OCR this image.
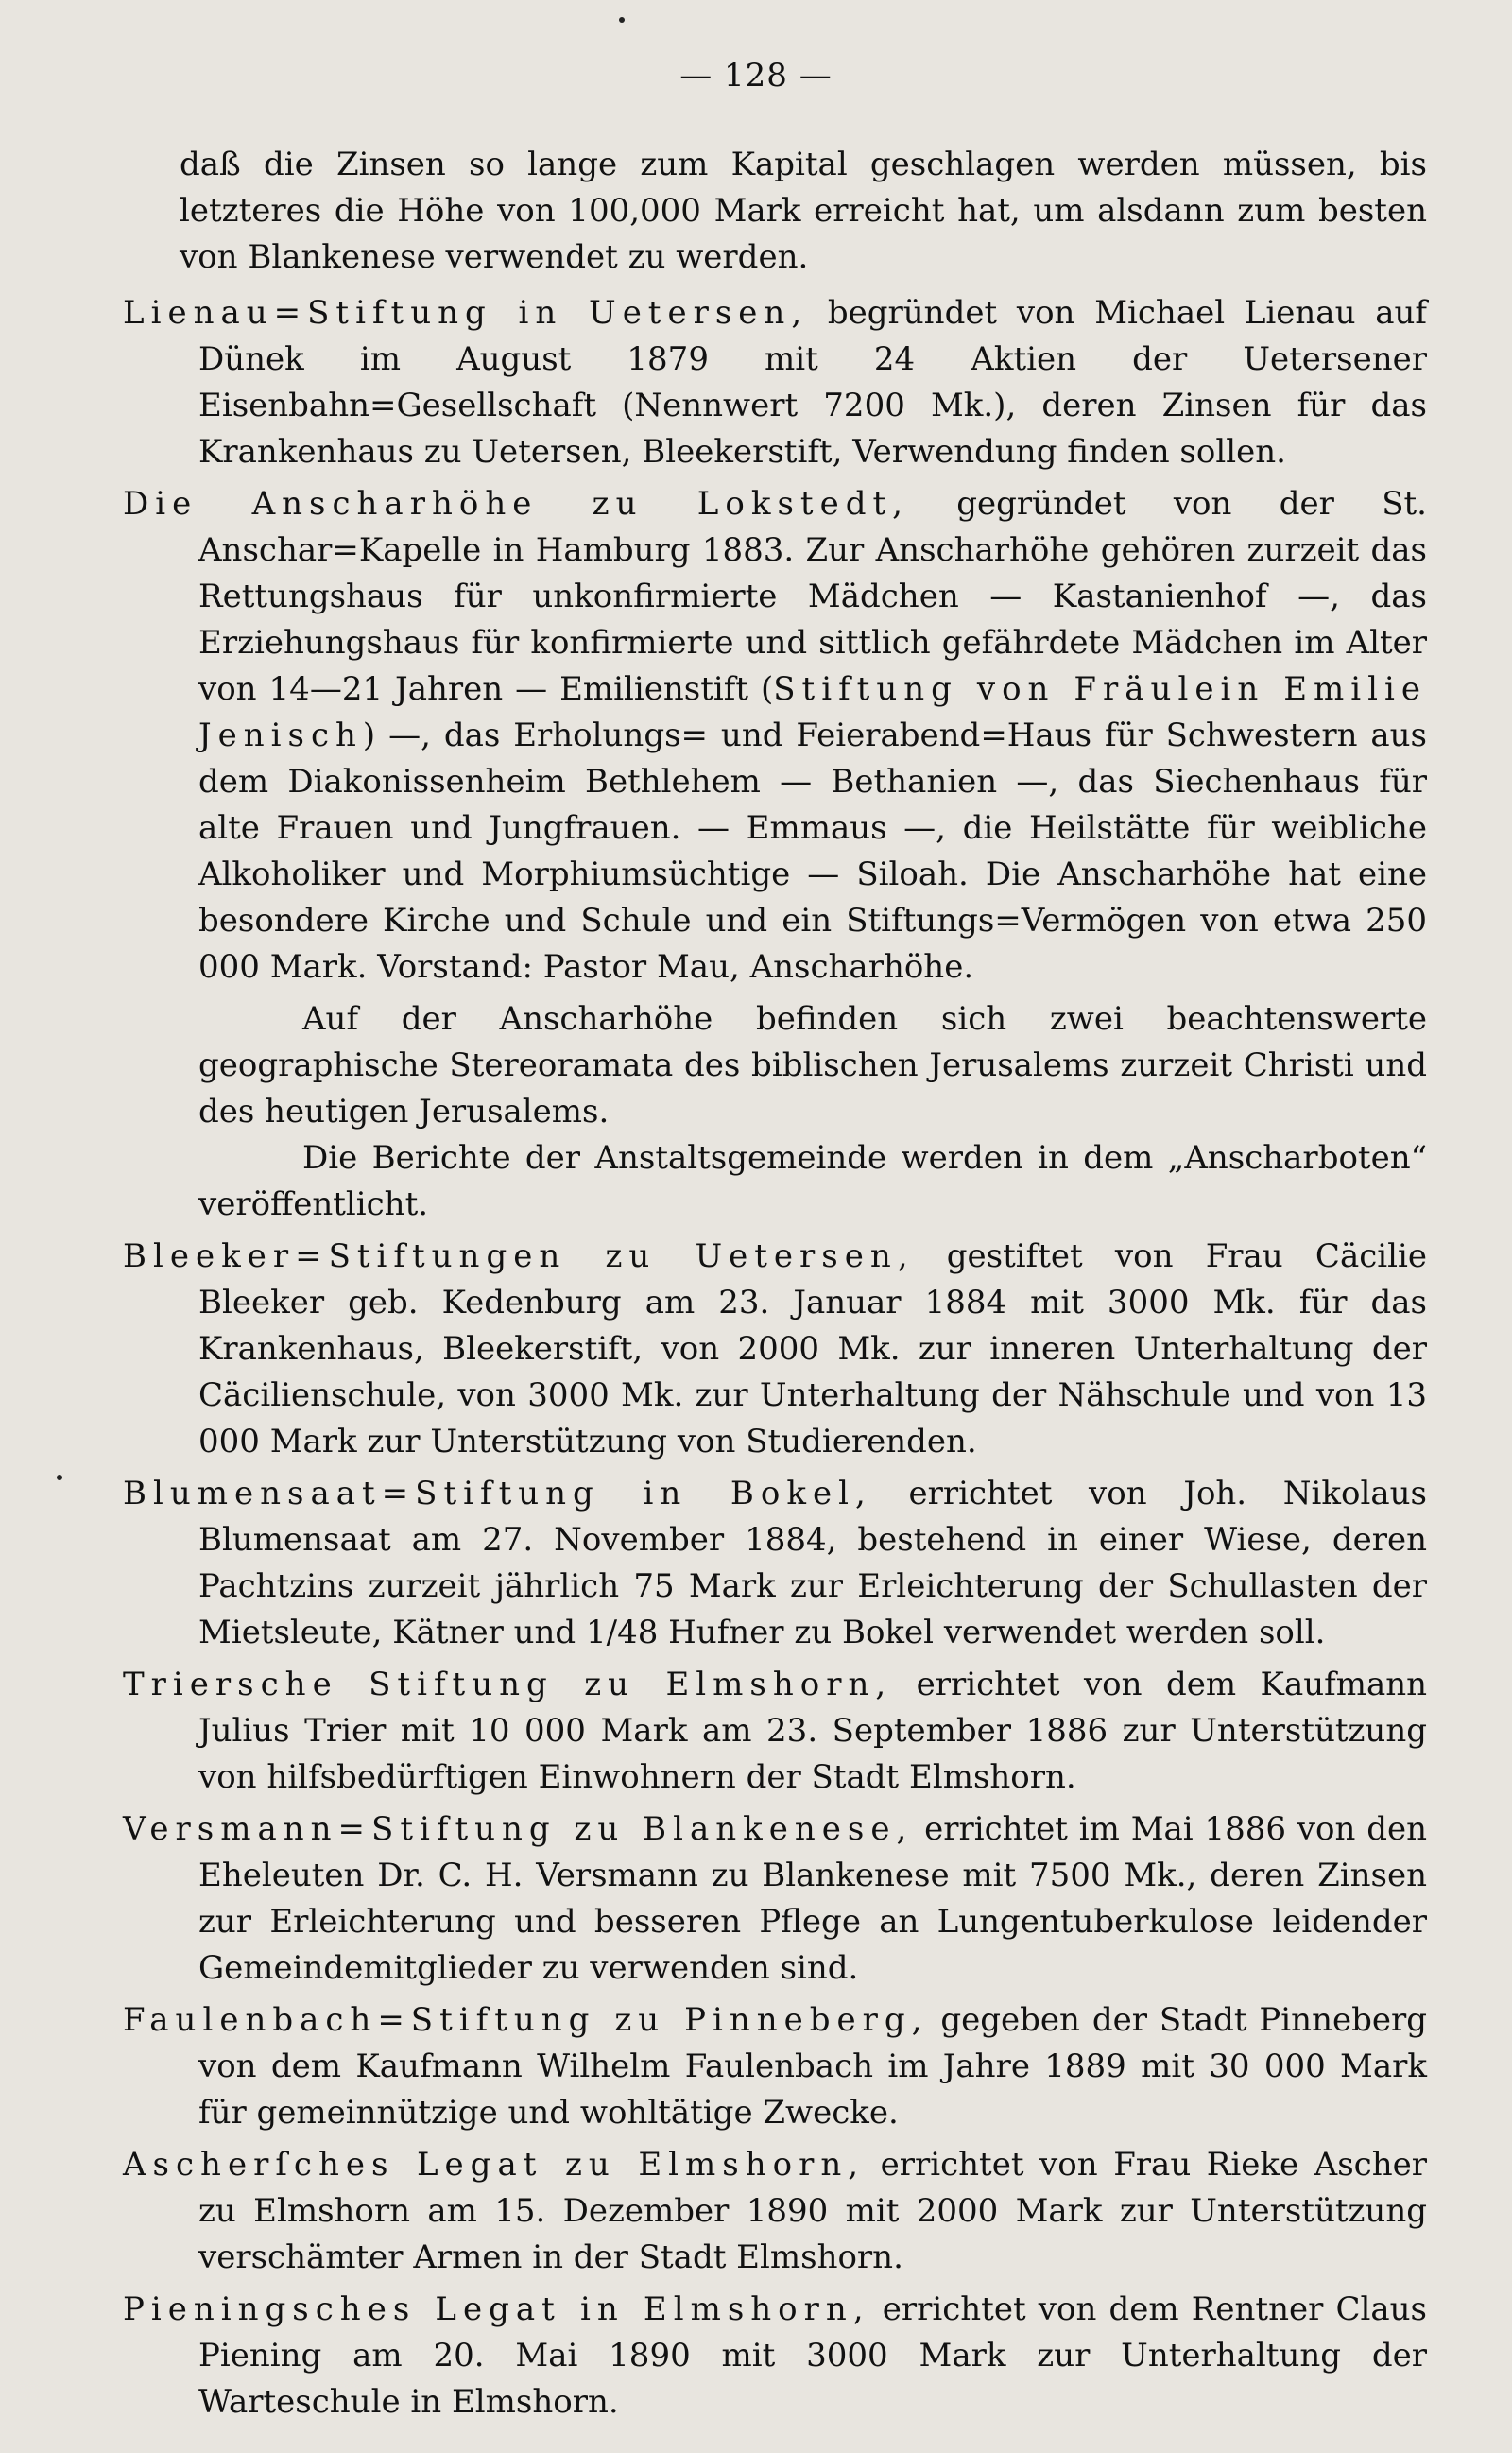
— 128 —

daß die Zinsen so lange zum Kapital geschlagen werden müssen, bis letzteres die Höhe von 100,000 Mark erreicht hat, um alsdann zum besten von Blankenese verwendet zu werden.

Lienau=Stiftung in Uetersen, begründet von Michael Lienau auf Dünek im August 1879 mit 24 Aktien der Uetersener Eisenbahn=Gesellschaft (Nennwert 7200 Mk.), deren Zinsen für das Krankenhaus zu Uetersen, Bleekerstift, Verwendung finden sollen.

Die Anscharhöhe zu Lokstedt, gegründet von der St. Anschar=Kapelle in Hamburg 1883. Zur Anscharhöhe gehören zurzeit das Rettungshaus für unkonfirmierte Mädchen — Kastanienhof —, das Erziehungshaus für konfirmierte und sittlich gefährdete Mädchen im Alter von 14—21 Jahren — Emilienstift (Stiftung von Fräulein Emilie Jenisch) —, das Erholungs= und Feierabend=Haus für Schwestern aus dem Diakonissenheim Bethlehem — Bethanien —, das Siechenhaus für alte Frauen und Jungfrauen. — Emmaus —, die Heilstätte für weibliche Alkoholiker und Morphiumsüchtige — Siloah. Die Anscharhöhe hat eine besondere Kirche und Schule und ein Stiftungs=Vermögen von etwa 250 000 Mark. Vorstand: Pastor Mau, Anscharhöhe.

Auf der Anscharhöhe befinden sich zwei beachtenswerte geographische Stereoramata des biblischen Jerusalems zurzeit Christi und des heutigen Jerusalems.

Die Berichte der Anstaltsgemeinde werden in dem „Anscharboten“ veröffentlicht.

Bleeker=Stiftungen zu Uetersen, gestiftet von Frau Cäcilie Bleeker geb. Kedenburg am 23. Januar 1884 mit 3000 Mk. für das Krankenhaus, Bleekerstift, von 2000 Mk. zur inneren Unterhaltung der Cäcilienschule, von 3000 Mk. zur Unterhaltung der Nähschule und von 13 000 Mark zur Unterstützung von Studierenden.

Blumensaat=Stiftung in Bokel, errichtet von Joh. Nikolaus Blumensaat am 27. November 1884, bestehend in einer Wiese, deren Pachtzins zurzeit jährlich 75 Mark zur Erleichterung der Schullasten der Mietsleute, Kätner und 1/48 Hufner zu Bokel verwendet werden soll.

Triersche Stiftung zu Elmshorn, errichtet von dem Kaufmann Julius Trier mit 10 000 Mark am 23. September 1886 zur Unterstützung von hilfsbedürftigen Einwohnern der Stadt Elmshorn.

Versmann=Stiftung zu Blankenese, errichtet im Mai 1886 von den Eheleuten Dr. C. H. Versmann zu Blankenese mit 7500 Mk., deren Zinsen zur Erleichterung und besseren Pflege an Lungentuberkulose leidender Gemeindemitglieder zu verwenden sind.

Faulenbach=Stiftung zu Pinneberg, gegeben der Stadt Pinneberg von dem Kaufmann Wilhelm Faulenbach im Jahre 1889 mit 30 000 Mark für gemeinnützige und wohltätige Zwecke.

Ascherſches Legat zu Elmshorn, errichtet von Frau Rieke Ascher zu Elmshorn am 15. Dezember 1890 mit 2000 Mark zur Unterstützung verschämter Armen in der Stadt Elmshorn.

Pieningsches Legat in Elmshorn, errichtet von dem Rentner Claus Piening am 20. Mai 1890 mit 3000 Mark zur Unterhaltung der Warteschule in Elmshorn.
